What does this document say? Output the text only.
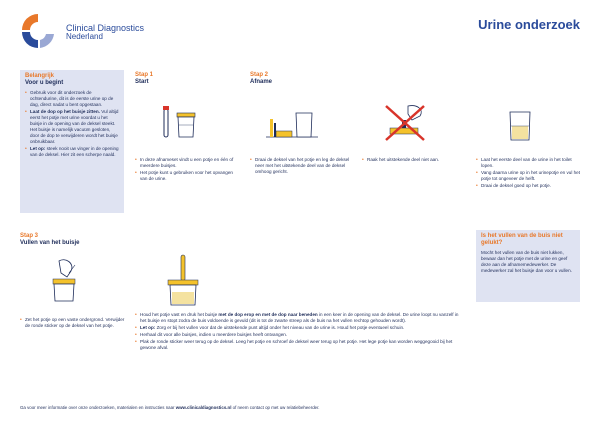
Clinical Diagnostics
Nederland
Urine onderzoek
Belangrijk
Voor u begint
• Gebruik voor dit onderzoek de ochtendurine, dit is de eerste urine op de dag, direct nadat u bent opgestaan.
• Laat de dop op het buisje zitten. Vul altijd eerst het potje met urine voordat u het buisje in de opening van de deksel steekt. Het buisje is namelijk vacuüm gesloten, door de dop te verwijderen wordt het buisje onbruikbaar.
• Let op: steek nooit uw vinger in de opening van de deksel. Hier zit een scherpe naald.
Stap 1
Start
• In deze afnameset vindt u een potje en één of meerdere buisjes.
• Het potje kunt u gebruiken voor het opvangen van de urine.
Stap 2
Afname
• Draai de deksel van het potje en leg de deksel neer met het uitstekende deel van de deksel omhoog gericht.
• Raak het uitstekende deel niet aan.
•	Laat het eerste deel van de urine in het toilet lopen.
• Vang daarna urine op in het urinepotje en vul het potje tot ongeveer de helft.
• Draai de deksel goed op het potje.
Stap 3
Vullen van het buisje
• Zet het potje op een vaste ondergrond. Verwijder de ronde sticker op de deksel van het potje.
• Houd het potje vast en druk het buisje met de dop erop en met de dop naar beneden in een keer in de opening van de deksel. De urine loopt nu vanzelf in het buisje en stopt zodra de buis voldoende is gevuld (dit is tot de zwarte streep als de buis na het vullen rechtop gehouden wordt).
• Let op: Zorg er bij het vullen voor dat de uitstekende punt altijd onder het niveau van de urine is. Houd het potje eventueel schuin.
• Herhaal dit voor alle buisjes, indien u meerdere buisjes heeft ontvangen.
• Plak de ronde sticker weer terug op de deksel. Leeg het potje en schroef de deksel weer terug op het potje. Het lege potje kan worden weggegooid bij het gewone afval.
Is het vullen van de buis niet gelukt?
Mocht het vullen van de buis niet lukken, bewaar dan het potje met de urine en geef deze aan de afnamemedewerker. De medewerker zal het buisje dan voor u vullen.
Ga voor meer informatie over onze onderzoeken, materialen en instructies naar www.clinicaldiagnostics.nl of neem contact op met uw relatiebeheerder.
